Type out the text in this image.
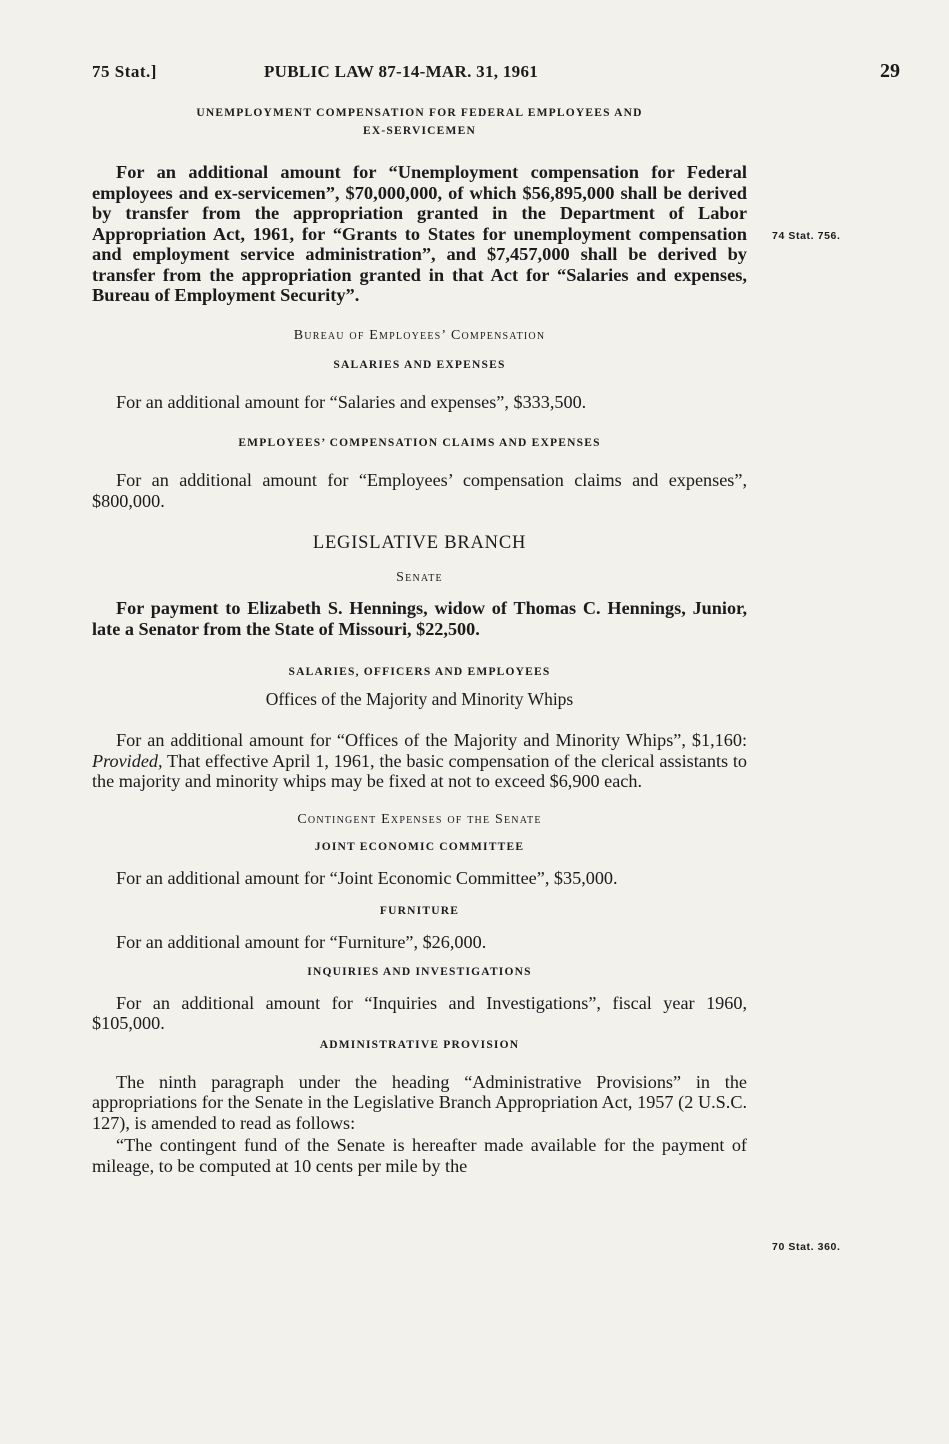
75 Stat.]	PUBLIC LAW 87-14-MAR. 31, 1961	29
UNEMPLOYMENT COMPENSATION FOR FEDERAL EMPLOYEES AND
EX-SERVICEMEN

For an additional amount for “Unemployment compensation for Federal employees and ex-servicemen”, $70,000,000, of which $56,895,000 shall be derived by transfer from the appropriation granted in the Department of Labor Appropriation Act, 1961, for “Grants to States for unemployment compensation and employment service administration”, and $7,457,000 shall be derived by transfer from the appropriation granted in that Act for “Salaries and expenses, Bureau of Employment Security”.

Bureau of Employees’ Compensation
SALARIES AND EXPENSES

For an additional amount for “Salaries and expenses”, $333,500.

EMPLOYEES’ COMPENSATION CLAIMS AND EXPENSES

For an additional amount for “Employees’ compensation claims and expenses”, $800,000.

LEGISLATIVE BRANCH
Senate

For payment to Elizabeth S. Hennings, widow of Thomas C. Hennings, Junior, late a Senator from the State of Missouri, $22,500.

SALARIES, OFFICERS AND EMPLOYEES
Offices of the Majority and Minority Whips

For an additional amount for “Offices of the Majority and Minority Whips”, $1,160: Provided, That effective April 1, 1961, the basic compensation of the clerical assistants to the majority and minority whips may be fixed at not to exceed $6,900 each.

Contingent Expenses of the Senate
JOINT ECONOMIC COMMITTEE

For an additional amount for “Joint Economic Committee”, $35,000.

FURNITURE

For an additional amount for “Furniture”, $26,000.

INQUIRIES AND INVESTIGATIONS

For an additional amount for “Inquiries and Investigations”, fiscal year 1960, $105,000.

ADMINISTRATIVE PROVISION

The ninth paragraph under the heading “Administrative Provisions” in the appropriations for the Senate in the Legislative Branch Appropriation Act, 1957 (2 U.S.C. 127), is amended to read as follows:

“The contingent fund of the Senate is hereafter made available for the payment of mileage, to be computed at 10 cents per mile by the

74 Stat. 756.
70 Stat. 360.
